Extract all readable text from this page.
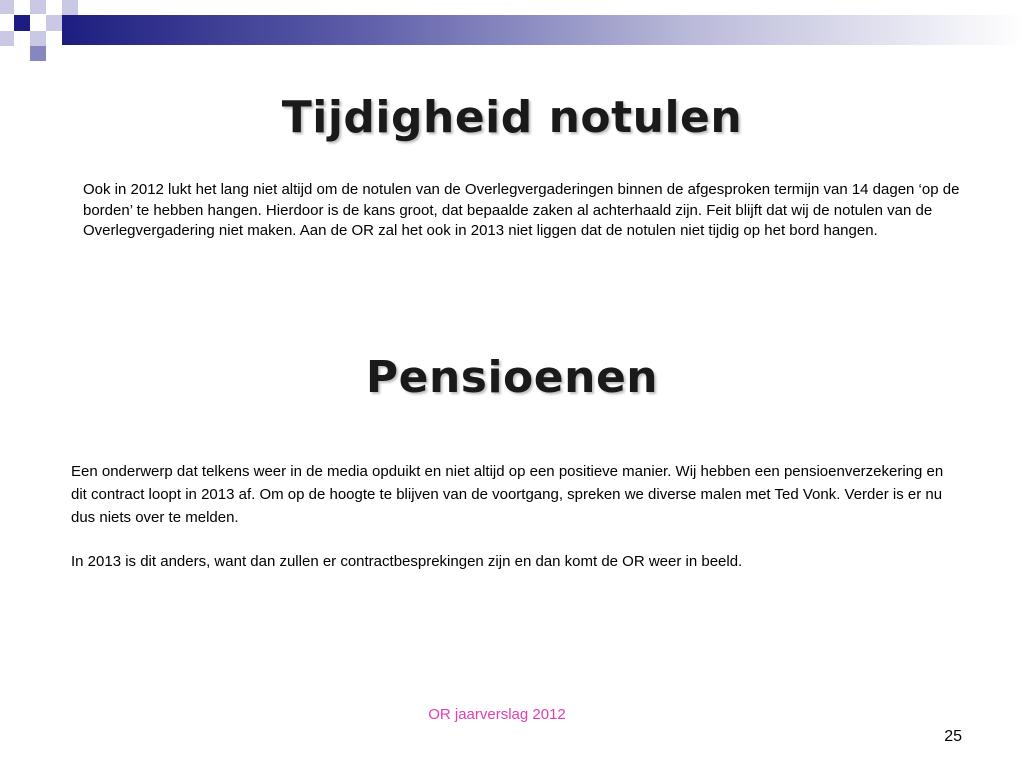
Tijdigheid notulen
Ook in 2012 lukt het lang niet altijd om de notulen van de Overlegvergaderingen binnen de afgesproken termijn van 14 dagen ‘op de borden’ te hebben hangen. Hierdoor is de kans groot, dat bepaalde zaken al achterhaald zijn. Feit blijft dat wij de notulen van de Overlegvergadering niet maken. Aan de OR zal het ook in 2013 niet liggen dat de notulen niet tijdig op het bord hangen.
Pensioenen
Een onderwerp dat telkens weer in de media opduikt en niet altijd op een positieve manier. Wij hebben een pensioenverzekering en dit contract loopt in 2013 af. Om op de hoogte te blijven van de voortgang, spreken we diverse malen met Ted Vonk. Verder is er nu dus niets over te melden.
In 2013 is dit anders, want dan zullen er contractbesprekingen zijn en dan komt de OR weer in beeld.
OR jaarverslag 2012
25
